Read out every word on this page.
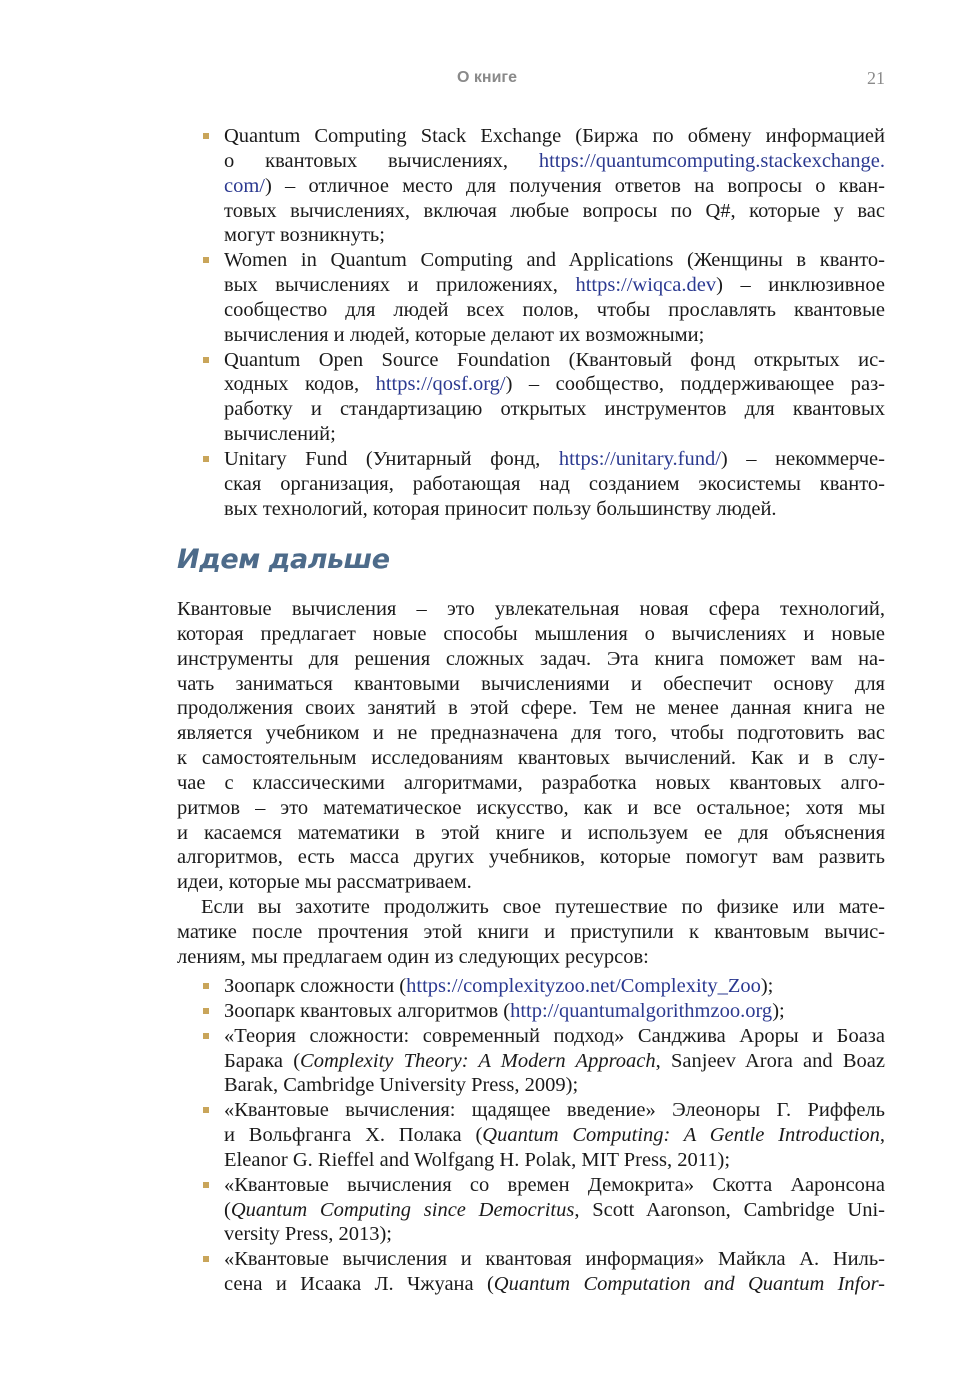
О книге	21
Quantum Computing Stack Exchange (Биржа по обмену информацией
о квантовых вычислениях, https://quantumcomputing.stackexchange.
com/) – отличное место для получения ответов на вопросы о кван-
товых вычислениях, включая любые вопросы по Q#, которые у вас
могут возникнуть;
Women in Quantum Computing and Applications (Женщины в кванто-
вых вычислениях и приложениях, https://wiqca.dev) – инклюзивное
сообщество для людей всех полов, чтобы прославлять квантовые
вычисления и людей, которые делают их возможными;
Quantum Open Source Foundation (Квантовый фонд открытых ис-
ходных кодов, https://qosf.org/) – сообщество, поддерживающее раз-
работку и стандартизацию открытых инструментов для квантовых
вычислений;
Unitary Fund (Унитарный фонд, https://unitary.fund/) – некоммерче-
ская организация, работающая над созданием экосистемы кванто-
вых технологий, которая приносит пользу большинству людей.
Идем дальше
Квантовые вычисления – это увлекательная новая сфера технологий,
которая предлагает новые способы мышления о вычислениях и новые
инструменты для решения сложных задач. Эта книга поможет вам на-
чать заниматься квантовыми вычислениями и обеспечит основу для
продолжения своих занятий в этой сфере. Тем не менее данная книга не
является учебником и не предназначена для того, чтобы подготовить вас
к самостоятельным исследованиям квантовых вычислений. Как и в слу-
чае с классическими алгоритмами, разработка новых квантовых алго-
ритмов – это математическое искусство, как и все остальное; хотя мы
и касаемся математики в этой книге и используем ее для объяснения
алгоритмов, есть масса других учебников, которые помогут вам развить
идеи, которые мы рассматриваем.
Если вы захотите продолжить свое путешествие по физике или мате-
матике после прочтения этой книги и приступили к квантовым вычис-
лениям, мы предлагаем один из следующих ресурсов:
Зоопарк сложности (https://complexityzoo.net/Complexity_Zoo);
Зоопарк квантовых алгоритмов (http://quantumalgorithmzoo.org);
«Теория сложности: современный подход» Санджива Ароры и Боаза
Барака (Complexity Theory: A Modern Approach, Sanjeev Arora and Boaz
Barak, Cambridge University Press, 2009);
«Квантовые вычисления: щадящее введение» Элеоноры Г. Риффель
и Вольфганга Х. Полака (Quantum Computing: A Gentle Introduction,
Eleanor G. Rieffel and Wolfgang H. Polak, MIT Press, 2011);
«Квантовые вычисления со времен Демокрита» Скотта Ааронсона
(Quantum Computing since Democritus, Scott Aaronson, Cambridge Uni-
versity Press, 2013);
«Квантовые вычисления и квантовая информация» Майкла А. Ниль-
сена и Исаака Л. Чжуана (Quantum Computation and Quantum Infor-
